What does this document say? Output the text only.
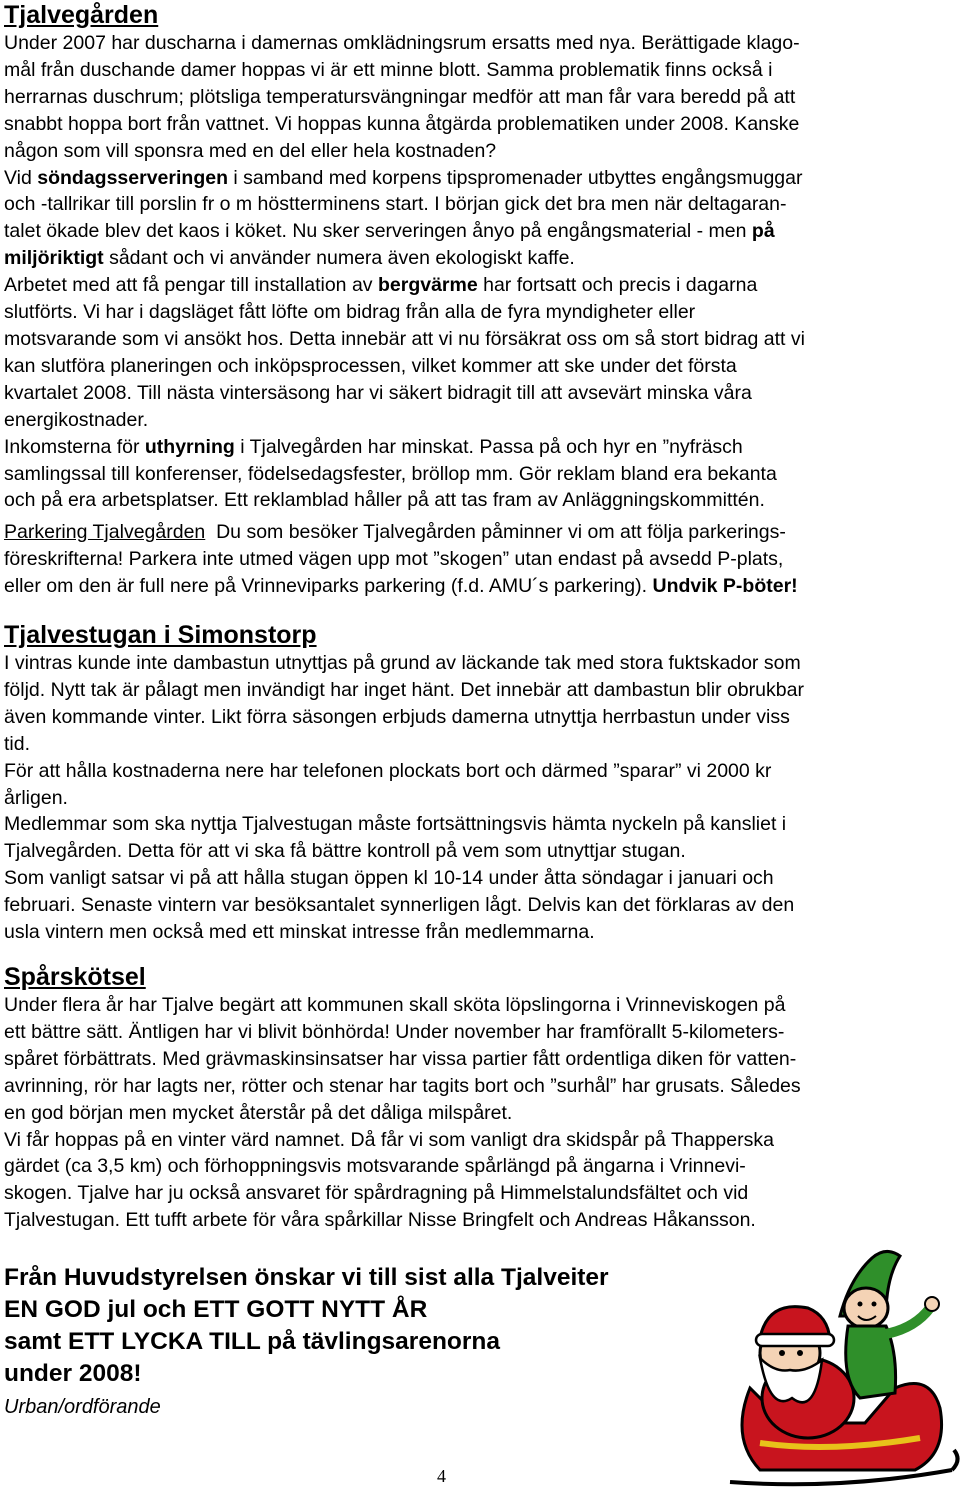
Tjalvegården
Under 2007 har duscharna i damernas omklädningsrum ersatts med nya. Berättigade klago-
mål från duschande damer hoppas vi är ett minne blott. Samma problematik finns också i
herrarnas duschrum; plötsliga temperatursvängningar medför att man får vara beredd på att
snabbt hoppa bort från vattnet. Vi hoppas kunna åtgärda problematiken under 2008. Kanske
någon som vill sponsra med en del eller hela kostnaden?
Vid söndagsserveringen i samband med korpens tipspromenader utbyttes engångsmuggar
och -tallrikar till porslin fr o m höstterminens start. I början gick det bra men när deltagaran-
talet ökade blev det kaos i köket. Nu sker serveringen ånyo på engångsmaterial - men på
miljöriktigt sådant och vi använder numera även ekologiskt kaffe.
Arbetet med att få pengar till installation av bergvärme har fortsatt och precis i dagarna
slutförts. Vi har i dagsläget fått löfte om bidrag från alla de fyra myndigheter eller
motsvarande som vi ansökt hos. Detta innebär att vi nu försäkrat oss om så stort bidrag att vi
kan slutföra planeringen och inköpsprocessen, vilket kommer att ske under det första
kvartalet 2008. Till nästa vintersäsong har vi säkert bidragit till att avsevärt minska våra
energikostnader.
Inkomsterna för uthyrning i Tjalvegården har minskat. Passa på och hyr en ”nyfräsch
samlingssal till konferenser, födelsedagsfester, bröllop mm. Gör reklam bland era bekanta
och på era arbetsplatser. Ett reklamblad håller på att tas fram av Anläggningskommittén.
Parkering Tjalvegården  Du som besöker Tjalvegården påminner vi om att följa parkerings-
föreskrifterna! Parkera inte utmed vägen upp mot ”skogen” utan endast på avsedd P-plats,
eller om den är full nere på Vrinneviparks parkering (f.d. AMU´s parkering). Undvik P-böter!
Tjalvestugan i Simonstorp
I vintras kunde inte dambastun utnyttjas på grund av läckande tak med stora fuktskador som
följd. Nytt tak är pålagt men invändigt har inget hänt. Det innebär att dambastun blir obrukbar
även kommande vinter. Likt förra säsongen erbjuds damerna utnyttja herrbastun under viss
tid.
För att hålla kostnaderna nere har telefonen plockats bort och därmed ”sparar” vi 2000 kr
årligen.
Medlemmar som ska nyttja Tjalvestugan måste fortsättningsvis hämta nyckeln på kansliet i
Tjalvegården. Detta för att vi ska få bättre kontroll på vem som utnyttjar stugan.
Som vanligt satsar vi på att hålla stugan öppen kl 10-14 under åtta söndagar i januari och
februari. Senaste vintern var besöksantalet synnerligen lågt. Delvis kan det förklaras av den
usla vintern men också med ett minskat intresse från medlemmarna.
Spårskötsel
Under flera år har Tjalve begärt att kommunen skall sköta löpslingorna i Vrinneviskogen på
ett bättre sätt. Äntligen har vi blivit bönhörda! Under november har framförallt 5-kilometers-
spåret förbättrats. Med grävmaskinsinsatser har vissa partier fått ordentliga diken för vatten-
avrinning, rör har lagts ner, rötter och stenar har tagits bort och ”surhål” har grusats. Således
en god början men mycket återstår på det dåliga milspåret.
Vi får hoppas på en vinter värd namnet. Då får vi som vanligt dra skidspår på Thapperska
gärdet (ca 3,5 km) och förhoppningsvis motsvarande spårlängd på ängarna i Vrinnevi-
skogen. Tjalve har ju också ansvaret för spårdragning på Himmelstalundsfältet och vid
Tjalvestugan. Ett tufft arbete för våra spårkillar Nisse Bringfelt och Andreas Håkansson.
Från Huvudstyrelsen önskar vi till sist alla Tjalveiter
EN GOD jul och ETT GOTT NYTT ÅR
samt ETT LYCKA TILL på tävlingsarenorna
under 2008!
Urban/ordförande
4
